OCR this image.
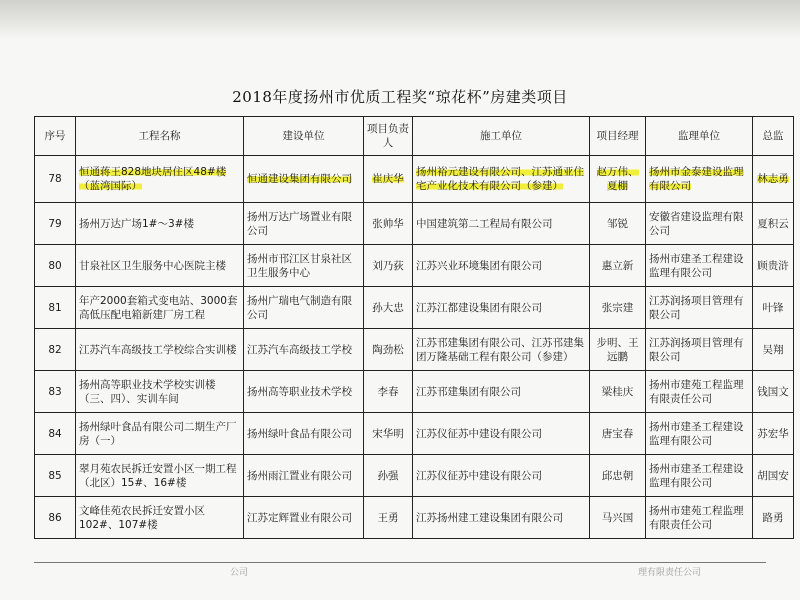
2018年度扬州市优质工程奖“琼花杯”房建类项目
序号	工程名称	建设单位	项目负责人	施工单位	项目经理	监理单位	总监
78	恒通蒋王828地块居住区48#楼（蓝湾国际）	恒通建设集团有限公司	崔庆华	扬州裕元建设有限公司、江苏通亚住宅产业化技术有限公司（参建）	赵万伟、夏棚	扬州市金泰建设监理有限公司	林志勇
79	扬州万达广场1#～3#楼	扬州万达广场置业有限公司	张帅华	中国建筑第二工程局有限公司	邹锐	安徽省建设监理有限公司	夏积云
80	甘泉社区卫生服务中心医院主楼	扬州市邗江区甘泉社区卫生服务中心	刘乃荻	江苏兴业环境集团有限公司	惠立新	扬州市建圣工程建设监理有限公司	顾贵浒
81	年产2000套箱式变电站、3000套高低压配电箱新建厂房工程	扬州广瑞电气制造有限公司	孙大忠	江苏江都建设集团有限公司	张宗建	江苏润扬项目管理有限公司	叶锋
82	江苏汽车高级技工学校综合实训楼	江苏汽车高级技工学校	陶劲松	江苏邗建集团有限公司、江苏邗建集团万隆基础工程有限公司（参建）	步明、王远鹏	江苏润扬项目管理有限公司	吴翔
83	扬州高等职业技术学校实训楼（三、四）、实训车间	扬州高等职业技术学校	李春	江苏邗建集团有限公司	梁桂庆	扬州市建苑工程监理有限责任公司	钱国文
84	扬州绿叶食品有限公司二期生产厂房（一）	扬州绿叶食品有限公司	宋华明	江苏仪征苏中建设有限公司	唐宝春	扬州市建圣工程建设监理有限公司	苏宏华
85	翠月苑农民拆迁安置小区一期工程（北区）15#、16#楼	扬州雨江置业有限公司	孙强	江苏仪征苏中建设有限公司	邱忠朝	扬州市建圣工程建设监理有限公司	胡国安
86	文峰佳苑农民拆迁安置小区102#、107#楼	江苏定辉置业有限公司	王勇	江苏扬州建工建设集团有限公司	马兴国	扬州市建苑工程监理有限责任公司	路勇
公司	理有限责任公司
